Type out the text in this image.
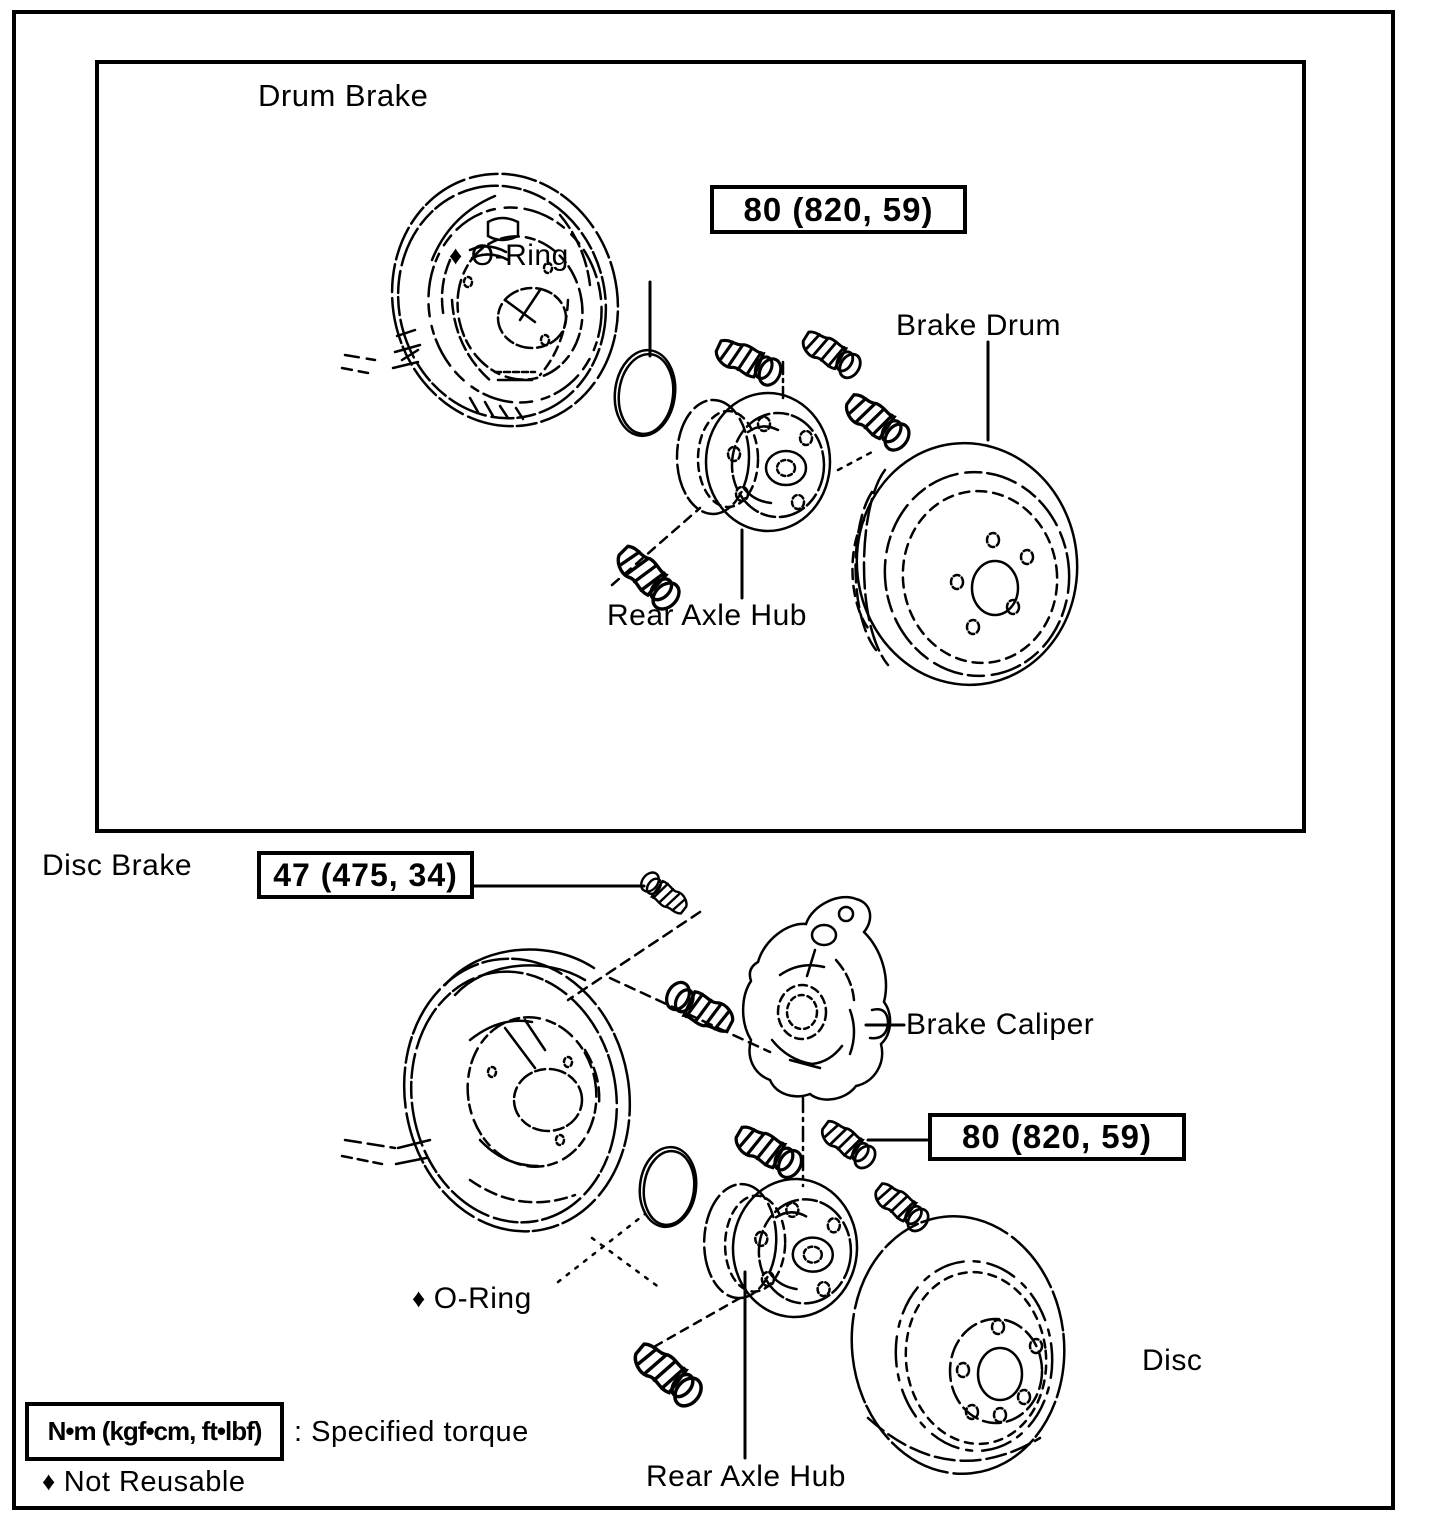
Drum Brake
80 (820, 59)
♦ O-Ring
Brake Drum
Rear Axle Hub
Disc Brake	47 (475, 34)
Brake Caliper
80 (820, 59)
♦ O-Ring
Disc
N•m (kgf•cm, ft•lbf)	: Specified torque
♦ Not Reusable	Rear Axle Hub
